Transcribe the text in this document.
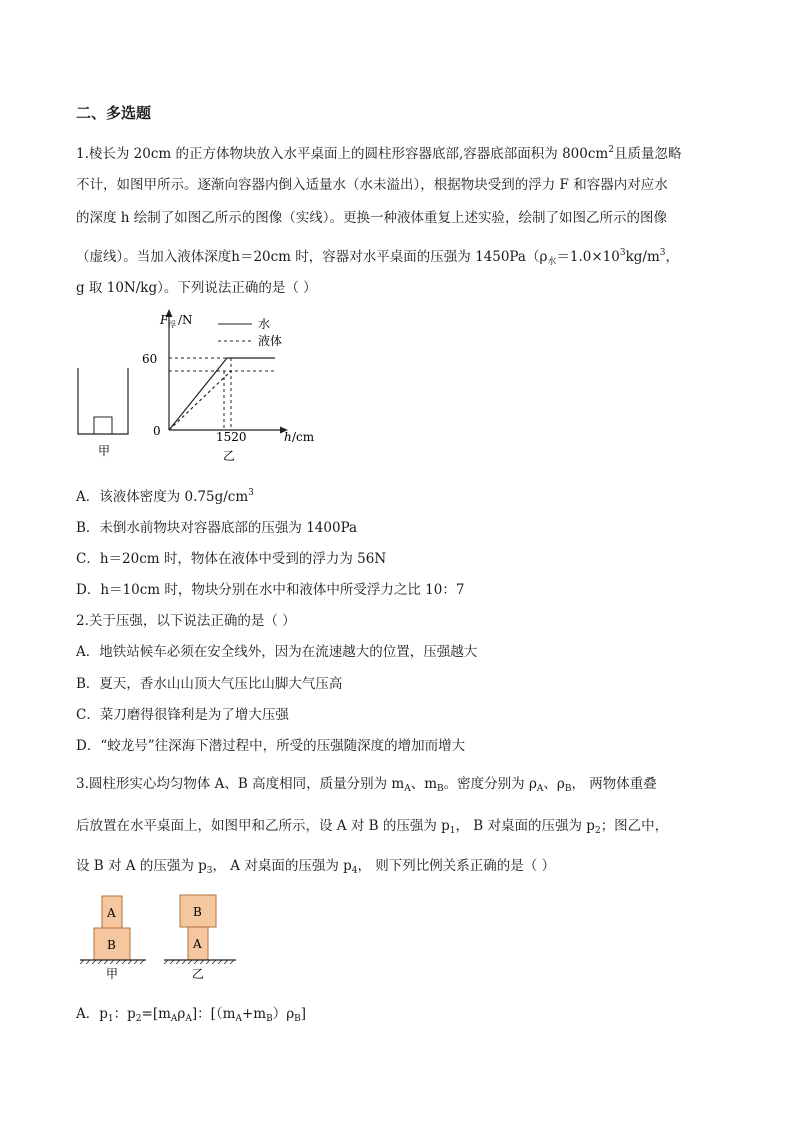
二、多选题
1.棱长为 20cm 的正方体物块放入水平桌面上的圆柱形容器底部,容器底部面积为 $800cm^2$且质量忽略
不计，如图甲所示。逐渐向容器内倒入适量水（水未溢出），根据物块受到的浮力 F 和容器内对应水
的深度 h 绘制了如图乙所示的图像（实线）。更换一种液体重复上述实验，绘制了如图乙所示的图像
（虚线）。当加入液体深度h＝20cm 时，容器对水平桌面的压强为 $1450Pa(\rho_水=1.0\times 10^3kg/m^3$，
g 取 10N/kg）。下列说法正确的是（ ）
甲
F 浮 /N
h /cm
60
0	1520
乙
水
液体
A．该液体密度为 $0.75g/cm^3$
B．未倒水前物块对容器底部的压强为 1400Pa
C．h＝20cm 时，物体在液体中受到的浮力为 56N
D．h＝10cm 时，物块分别在水中和液体中所受浮力之比 10：7
2.关于压强，以下说法正确的是（ ）
A．地铁站候车必须在安全线外，因为在流速越大的位置，压强越大
B．夏天，香水山山顶大气压比山脚大气压高
C．菜刀磨得很锋利是为了增大压强
D．“蛟龙号”往深海下潜过程中，所受的压强随深度的增加而增大
3.圆柱形实心均匀物体 A、B 高度相同，质量分别为 $m_A$、$m_B$。密度分别为 $\rho_A$、$\rho_B$， 两物体重叠
后放置在水平桌面上，如图甲和乙所示，设 A 对 B 的压强为 $p_1$， B 对桌面的压强为 $p_2$；图乙中，
设 B 对 A 的压强为 $p_3$， A 对桌面的压强为 $p_4$， 则下列比例关系正确的是（ ）
A
B
甲
B
A
乙
A．$p_1$：$p_2=[m_A\rho_A]$：$[(m_A+m_B)\rho_B]$
